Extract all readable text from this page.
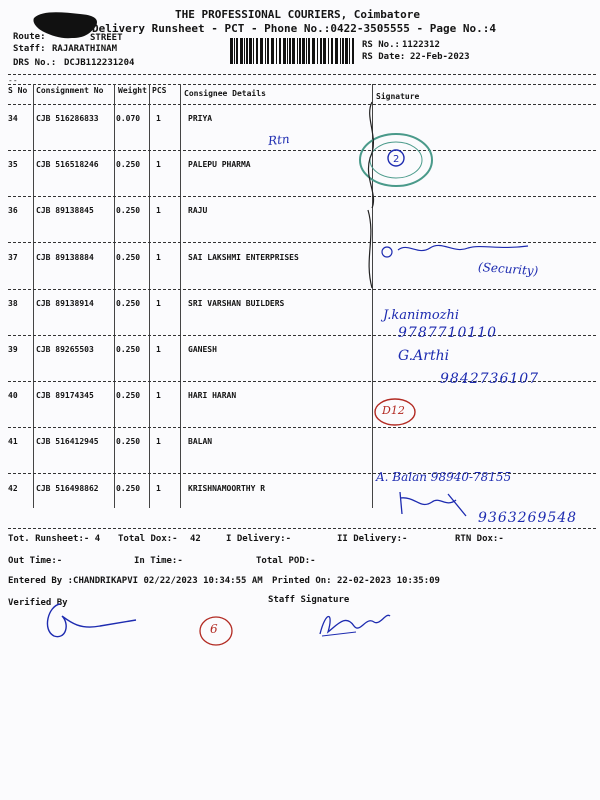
THE PROFESSIONAL COURIERS, Coimbatore
Delivery Runsheet - PCT - Phone No.:0422-3505555 - Page No.:4
Route:	STREET
Staff: RAJARATHINAM
DRS No.: DCJB112231204
RS No.: 1122312
RS Date: 22-Feb-2023
--
S No Consignment No Weight PCS Consignee Details	Signature
34 CJB 516286833 0.070 1	PRIYA
35 CJB 516518246 0.250 1	PALEPU PHARMA
36 CJB 89138845	0.250 1	RAJU
37 CJB 89138884	0.250 1	SAI LAKSHMI ENTERPRISES
38 CJB 89138914	0.250 1	SRI VARSHAN BUILDERS
39 CJB 89265503	0.250 1	GANESH
40 CJB 89174345	0.250 1	HARI HARAN
41 CJB 516412945 0.250 1	BALAN
42 CJB 516498862 0.250 1	KRISHNAMOORTHY R
Rtn
2
(Security)
J.kanimozhi
9787710110
G.Arthi
9842736107
D12
A. Balan 98940-78155
9363269548
Tot. Runsheet:- 4 Total Dox:- 42	I Delivery:-	II Delivery:-	RTN Dox:-
Out Time:-	In Time:-	Total POD:-
Entered By :CHANDRIKAPVI 02/22/2023 10:34:55 AM Printed On: 22-02-2023 10:35:09
Verified By	Staff Signature
6
